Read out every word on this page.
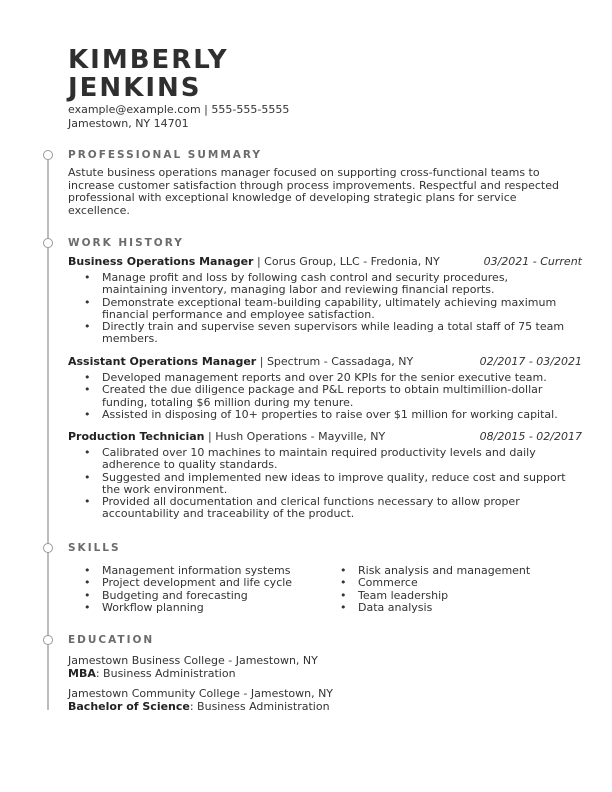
KIMBERLY
JENKINS
example@example.com | 555-555-5555
Jamestown, NY 14701
PROFESSIONAL SUMMARY
Astute business operations manager focused on supporting cross-functional teams to
increase customer satisfaction through process improvements. Respectful and respected
professional with exceptional knowledge of developing strategic plans for service
excellence.
WORK HISTORY
Business Operations Manager | Corus Group, LLC - Fredonia, NY	03/2021 - Current
• Manage profit and loss by following cash control and security procedures,
maintaining inventory, managing labor and reviewing financial reports.
• Demonstrate exceptional team-building capability, ultimately achieving maximum
financial performance and employee satisfaction.
• Directly train and supervise seven supervisors while leading a total staff of 75 team
members.
Assistant Operations Manager | Spectrum - Cassadaga, NY	02/2017 - 03/2021
• Developed management reports and over 20 KPIs for the senior executive team.
• Created the due diligence package and P&L reports to obtain multimillion-dollar
funding, totaling $6 million during my tenure.
• Assisted in disposing of 10+ properties to raise over $1 million for working capital.
Production Technician | Hush Operations - Mayville, NY	08/2015 - 02/2017
• Calibrated over 10 machines to maintain required productivity levels and daily
adherence to quality standards.
• Suggested and implemented new ideas to improve quality, reduce cost and support
the work environment.
• Provided all documentation and clerical functions necessary to allow proper
accountability and traceability of the product.
SKILLS
• Management information systems
• Project development and life cycle
• Budgeting and forecasting
• Workflow planning
• Risk analysis and management
• Commerce
• Team leadership
• Data analysis
EDUCATION
Jamestown Business College - Jamestown, NY
MBA: Business Administration
Jamestown Community College - Jamestown, NY
Bachelor of Science: Business Administration
